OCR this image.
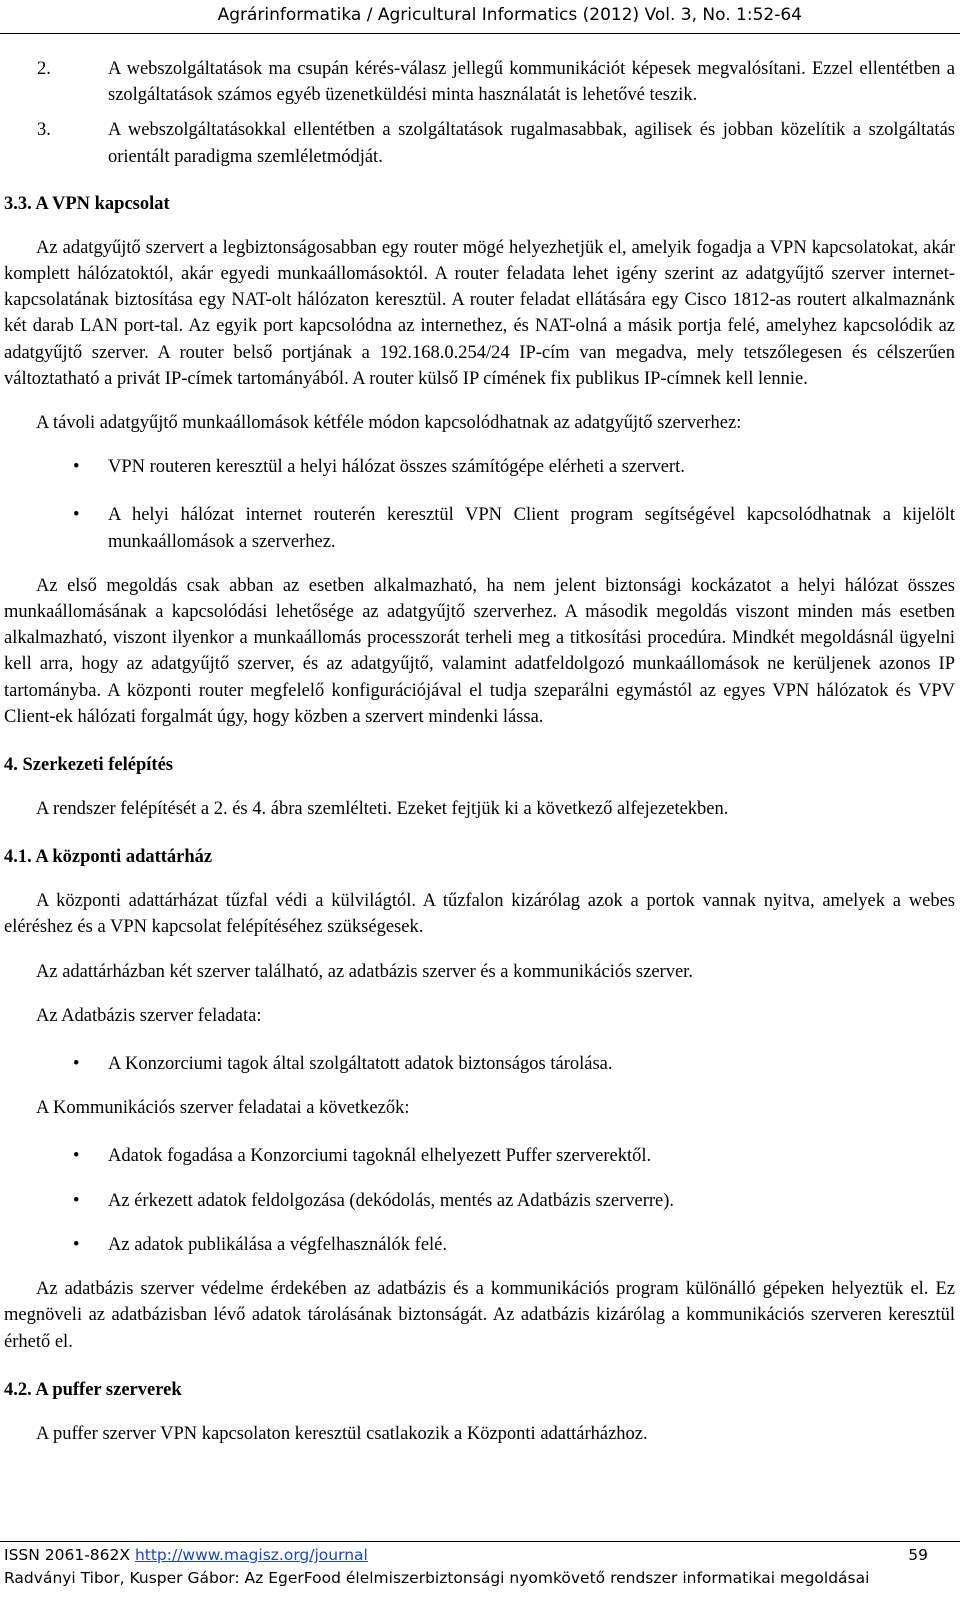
Agrárinformatika / Agricultural Informatics (2012) Vol. 3, No. 1:52-64
2.	A webszolgáltatások ma csupán kérés-válasz jellegű kommunikációt képesek megvalósítani. Ezzel ellentétben a szolgáltatások számos egyéb üzenetküldési minta használatát is lehetővé teszik.
3.	A webszolgáltatásokkal ellentétben a szolgáltatások rugalmasabbak, agilisek és jobban közelítik a szolgáltatás orientált paradigma szemléletmódját.
3.3. A VPN kapcsolat

Az adatgyűjtő szervert a legbiztonságosabban egy router mögé helyezhetjük el, amelyik fogadja a VPN kapcsolatokat, akár komplett hálózatoktól, akár egyedi munkaállomásoktól. A router feladata lehet igény szerint az adatgyűjtő szerver internet-kapcsolatának biztosítása egy NAT-olt hálózaton keresztül. A router feladat ellátására egy Cisco 1812-as routert alkalmaznánk két darab LAN port-tal. Az egyik port kapcsolódna az internethez, és NAT-olná a másik portja felé, amelyhez kapcsolódik az adatgyűjtő szerver. A router belső portjának a 192.168.0.254/24 IP-cím van megadva, mely tetszőlegesen és célszerűen változtatható a privát IP-címek tartományából. A router külső IP címének fix publikus IP-címnek kell lennie.

A távoli adatgyűjtő munkaállomások kétféle módon kapcsolódhatnak az adatgyűjtő szerverhez:

•	VPN routeren keresztül a helyi hálózat összes számítógépe elérheti a szervert.
•	A helyi hálózat internet routerén keresztül VPN Client program segítségével kapcsolódhatnak a kijelölt munkaállomások a szerverhez.

Az első megoldás csak abban az esetben alkalmazható, ha nem jelent biztonsági kockázatot a helyi hálózat összes munkaállomásának a kapcsolódási lehetősége az adatgyűjtő szerverhez. A második megoldás viszont minden más esetben alkalmazható, viszont ilyenkor a munkaállomás processzorát terheli meg a titkosítási procedúra. Mindkét megoldásnál ügyelni kell arra, hogy az adatgyűjtő szerver, és az adatgyűjtő, valamint adatfeldolgozó munkaállomások ne kerüljenek azonos IP tartományba. A központi router megfelelő konfigurációjával el tudja szeparálni egymástól az egyes VPN hálózatok és VPV Client-ek hálózati forgalmát úgy, hogy közben a szervert mindenki lássa.

4. Szerkezeti felépítés

A rendszer felépítését a 2. és 4. ábra szemlélteti. Ezeket fejtjük ki a következő alfejezetekben.

4.1. A központi adattárház

A központi adattárházat tűzfal védi a külvilágtól. A tűzfalon kizárólag azok a portok vannak nyitva, amelyek a webes eléréshez és a VPN kapcsolat felépítéséhez szükségesek.

Az adattárházban két szerver található, az adatbázis szerver és a kommunikációs szerver.

Az Adatbázis szerver feladata:

•	A Konzorciumi tagok által szolgáltatott adatok biztonságos tárolása.

A Kommunikációs szerver feladatai a következők:

•	Adatok fogadása a Konzorciumi tagoknál elhelyezett Puffer szerverektől.
•	Az érkezett adatok feldolgozása (dekódolás, mentés az Adatbázis szerverre).
•	Az adatok publikálása a végfelhasználók felé.

Az adatbázis szerver védelme érdekében az adatbázis és a kommunikációs program különálló gépeken helyeztük el. Ez megnöveli az adatbázisban lévő adatok tárolásának biztonságát. Az adatbázis kizárólag a kommunikációs szerveren keresztül érhető el.

4.2. A puffer szerverek

A puffer szerver VPN kapcsolaton keresztül csatlakozik a Központi adattárházhoz.

ISSN 2061-862X http://www.magisz.org/journal	59
Radványi Tibor, Kusper Gábor: Az EgerFood élelmiszerbiztonsági nyomkövető rendszer informatikai megoldásai
